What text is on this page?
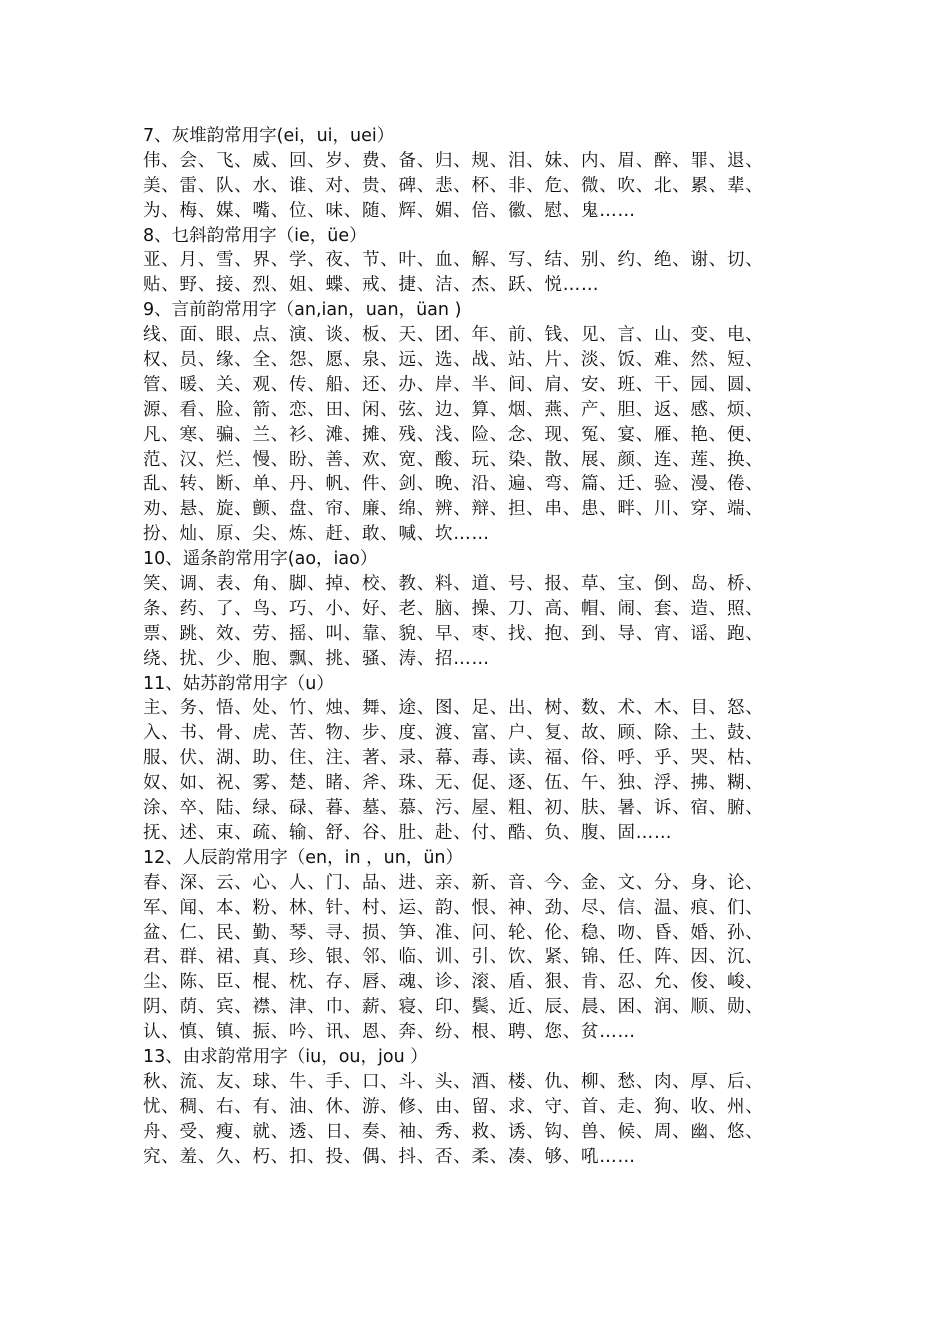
7、灰堆韵常用字(ei，ui，uei）
伟、会、飞、威、回、岁、费、备、归、规、泪、妹、内、眉、醉、罪、退、
美、雷、队、水、谁、对、贵、碑、悲、杯、非、危、微、吹、北、累、辈、
为、梅、媒、嘴、位、味、随、辉、媚、倍、徽、慰、鬼……
8、乜斜韵常用字（ie，üe）
亚、月、雪、界、学、夜、节、叶、血、解、写、结、别、约、绝、谢、切、
贴、野、接、烈、姐、蝶、戒、捷、洁、杰、跃、悦……
9、言前韵常用字（an,ian，uan，üan )
线、面、眼、点、演、谈、板、天、团、年、前、钱、见、言、山、变、电、
权、员、缘、全、怨、愿、泉、远、选、战、站、片、淡、饭、难、然、短、
管、暖、关、观、传、船、还、办、岸、半、间、肩、安、班、干、园、圆、
源、看、脸、箭、恋、田、闲、弦、边、算、烟、燕、产、胆、返、感、烦、
凡、寒、骗、兰、衫、滩、摊、残、浅、险、念、现、冤、宴、雁、艳、便、
范、汉、烂、慢、盼、善、欢、宽、酸、玩、染、散、展、颜、连、莲、换、
乱、转、断、单、丹、帆、件、剑、晚、沿、遍、弯、篇、迁、验、漫、倦、
劝、悬、旋、颤、盘、帘、廉、绵、辨、辩、担、串、患、畔、川、穿、端、
扮、灿、原、尖、炼、赶、敢、喊、坎……
10、遥条韵常用字(ao，iao）
笑、调、表、角、脚、掉、校、教、料、道、号、报、草、宝、倒、岛、桥、
条、药、了、鸟、巧、小、好、老、脑、操、刀、高、帽、闹、套、造、照、
票、跳、效、劳、摇、叫、靠、貌、早、枣、找、抱、到、导、宵、谣、跑、
绕、扰、少、胞、飘、挑、骚、涛、招……
11、姑苏韵常用字（u）
主、务、悟、处、竹、烛、舞、途、图、足、出、树、数、术、木、目、怒、
入、书、骨、虎、苦、物、步、度、渡、富、户、复、故、顾、除、土、鼓、
服、伏、湖、助、住、注、著、录、幕、毒、读、福、俗、呼、乎、哭、枯、
奴、如、祝、雾、楚、睹、斧、珠、无、促、逐、伍、午、独、浮、拂、糊、
涂、卒、陆、绿、碌、暮、墓、慕、污、屋、粗、初、肤、暑、诉、宿、腑、
抚、述、束、疏、输、舒、谷、肚、赴、付、酷、负、腹、固……
12、人辰韵常用字（en，in ，un，ün）
春、深、云、心、人、门、品、进、亲、新、音、今、金、文、分、身、论、
军、闻、本、粉、林、针、村、运、韵、恨、神、劲、尽、信、温、痕、们、
盆、仁、民、勤、琴、寻、损、笋、准、问、轮、伦、稳、吻、昏、婚、孙、
君、群、裙、真、珍、银、邻、临、训、引、饮、紧、锦、任、阵、因、沉、
尘、陈、臣、棍、枕、存、唇、魂、诊、滚、盾、狠、肯、忍、允、俊、峻、
阴、荫、宾、襟、津、巾、薪、寝、印、鬓、近、辰、晨、困、润、顺、勋、
认、慎、镇、振、吟、讯、恩、奔、纷、根、聘、您、贫……
13、由求韵常用字（iu，ou，jou ）
秋、流、友、球、牛、手、口、斗、头、酒、楼、仇、柳、愁、肉、厚、后、
忧、稠、右、有、油、休、游、修、由、留、求、守、首、走、狗、收、州、
舟、受、瘦、就、透、日、奏、袖、秀、救、诱、钩、兽、候、周、幽、悠、
究、羞、久、朽、扣、投、偶、抖、否、柔、凑、够、吼……
